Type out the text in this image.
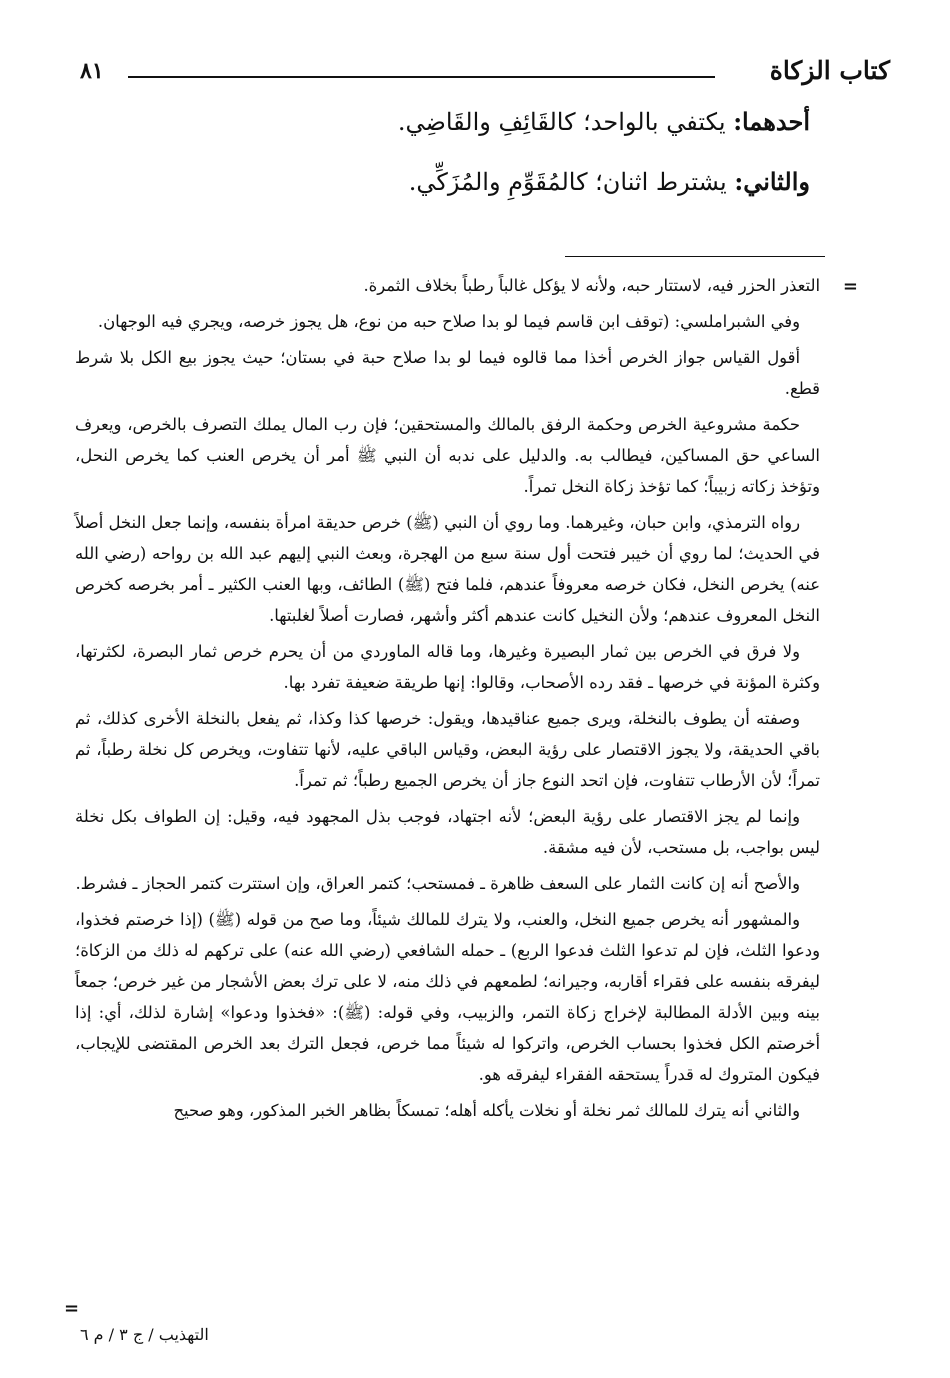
كتاب الزكاة
٨١

أحدهما: يكتفي بالواحد؛ كالقَائِفِ والقَاضِي.

والثاني: يشترط اثنان؛ كالمُقَوِّمِ والمُزَكِّي.

=

التعذر الحزر فيه، لاستتار حبه، ولأنه لا يؤكل غالباً رطباً بخلاف الثمرة.

وفي الشبراملسي: (توقف ابن قاسم فيما لو بدا صلاح حبه من نوع، هل يجوز خرصه، ويجري فيه الوجهان.

أقول القياس جواز الخرص أخذا مما قالوه فيما لو بدا صلاح حبة في بستان؛ حيث يجوز بيع الكل بلا شرط قطع.

حكمة مشروعية الخرص وحكمة الرفق بالمالك والمستحقين؛ فإن رب المال يملك التصرف بالخرص، ويعرف الساعي حق المساكين، فيطالب به. والدليل على ندبه أن النبي ﷺ أمر أن يخرص العنب كما يخرص النحل، وتؤخذ زكاته زبيباً؛ كما تؤخذ زكاة النخل تمراً.

رواه الترمذي، وابن حبان، وغيرهما. وما روي أن النبي (ﷺ) خرص حديقة امرأة بنفسه، وإنما جعل النخل أصلاً في الحديث؛ لما روي أن خيبر فتحت أول سنة سبع من الهجرة، وبعث النبي إليهم عبد الله بن رواحه (رضي الله عنه) يخرص النخل، فكان خرصه معروفاً عندهم، فلما فتح (ﷺ) الطائف، وبها العنب الكثير ـ أمر بخرصه كخرص النخل المعروف عندهم؛ ولأن النخيل كانت عندهم أكثر وأشهر، فصارت أصلاً لغلبتها.

ولا فرق في الخرص بين ثمار البصيرة وغيرها، وما قاله الماوردي من أن يحرم خرص ثمار البصرة، لكثرتها، وكثرة المؤنة في خرصها ـ فقد رده الأصحاب، وقالوا: إنها طريقة ضعيفة تفرد بها.

وصفته أن يطوف بالنخلة، ويرى جميع عناقيدها، ويقول: خرصها كذا وكذا، ثم يفعل بالنخلة الأخرى كذلك، ثم باقي الحديقة، ولا يجوز الاقتصار على رؤية البعض، وقياس الباقي عليه، لأنها تتفاوت، ويخرص كل نخلة رطباً، ثم تمراً؛ لأن الأرطاب تتفاوت، فإن اتحد النوع جاز أن يخرص الجميع رطباً؛ ثم تمراً.

وإنما لم يجز الاقتصار على رؤية البعض؛ لأنه اجتهاد، فوجب بذل المجهود فيه، وقيل: إن الطواف بكل نخلة ليس بواجب، بل مستحب، لأن فيه مشقة.

والأصح أنه إن كانت الثمار على السعف ظاهرة ـ فمستحب؛ كتمر العراق، وإن استترت كتمر الحجاز ـ فشرط.

والمشهور أنه يخرص جميع النخل، والعنب، ولا يترك للمالك شيئاً، وما صح من قوله (ﷺ) (إذا خرصتم فخذوا، ودعوا الثلث، فإن لم تدعوا الثلث فدعوا الربع) ـ حمله الشافعي (رضي الله عنه) على تركهم له ذلك من الزكاة؛ ليفرقه بنفسه على فقراء أقاربه، وجيرانه؛ لطمعهم في ذلك منه، لا على ترك بعض الأشجار من غير خرص؛ جمعاً بينه وبين الأدلة المطالبة لإخراج زكاة التمر، والزبيب، وفي قوله: (ﷺ): «فخذوا ودعوا» إشارة لذلك، أي: إذا أخرصتم الكل فخذوا بحساب الخرص، واتركوا له شيئاً مما خرص، فجعل الترك بعد الخرص المقتضى للإيجاب، فيكون المتروك له قدراً يستحقه الفقراء ليفرقه هو.

والثاني أنه يترك للمالك ثمر نخلة أو نخلات يأكله أهله؛ تمسكاً بظاهر الخبر المذكور، وهو صحيح

=
التهذيب / ج ٣ / م ٦
